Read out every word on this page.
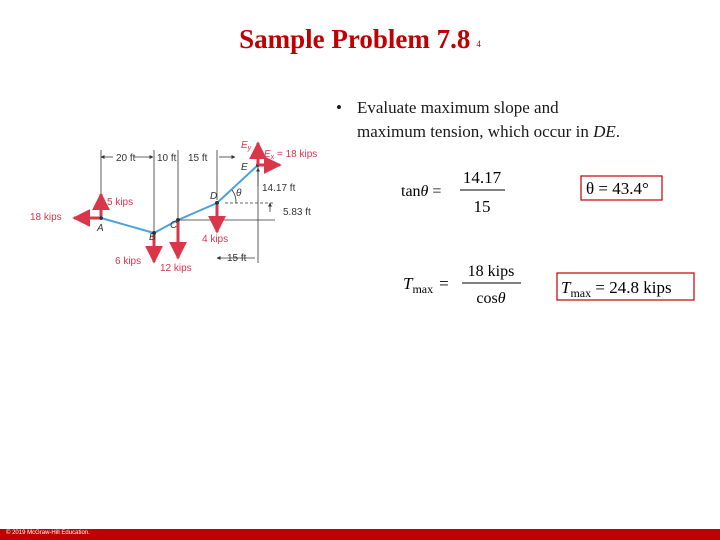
Sample Problem 7.8 4
• Evaluate maximum slope and
maximum tension, which occur in DE.
20 ft 10 ft 15 ft
14.17 ft
5.83 ft
15 ft
A
B
C
D
E
θ
18 kips
5 kips
6 kips
12 kips
4 kips
$E_y$
$E_x = 18$ kips
tanθ =
14.17
15
θ = 43.4°
$T_{max}$ =
18 kips
cosθ
$T_{max} = 24.8$ kips
© 2019 McGraw-Hill Education.
